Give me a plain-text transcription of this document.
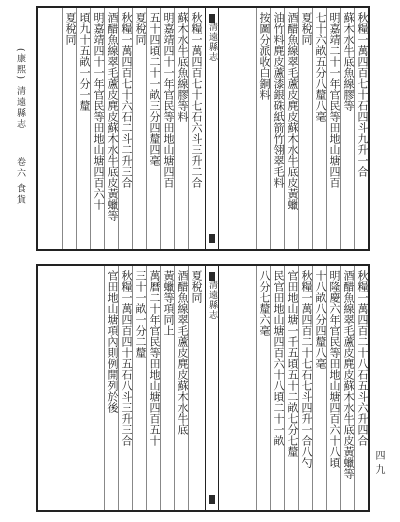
(康熙) 清遠縣志 卷六 食貨
秋糧一萬四百七十石四斗九升一合
蘇木水牛底魚線膠等
明嘉靖二十一年官民等田地山塘四百
七十六畝五分八釐八毫
夏稅同
酒醋魚線翠毛蘆皮麂皮蘇木水牛底皮黃蠟
油竹料麂皮蘆漆銀硃紙箭竹翎翠毛料
按圖分派收白銅料
清遠縣志
秋糧一萬四百七十七石六斗三升二合
蘇木水牛底魚線膠等料
明嘉靖四十一年官民等田地山塘四百
五十四頃二十一畝三分四釐四毫
夏稅同
秋糧一萬四百七十六石二斗二升三合
酒醋魚線翠毛蘆皮麂皮蘇木水牛底皮黃蠟等
明嘉靖四十一年官民等田地山塘四百六十
頃九十五畝一分一釐
夏稅同
秋糧一萬四百二十八石五斗六升四合
酒醋魚線翠毛蘆皮麂皮蘇木水牛底皮黃蠟等
明隆慶六年官民等田地山塘四百六十八頃
十八畝八分四釐八毫
秋糧一萬四百二十七石七斗四升一合八勺
官田地山塘一千五頃五十二畝七分七釐
民官田地山塘四百六十八頃二十一畝
八分七釐六毫
清遠縣志
夏稅同
酒醋魚線翠毛蘆皮麂皮蘇木水牛底
黃蠟等項同上
萬曆二十年官民等田地山塘四百五十
三十一畝一分二釐
秋糧一萬四百四十五石八斗三升三合
官田地山塘項內則例開列於後
四九
